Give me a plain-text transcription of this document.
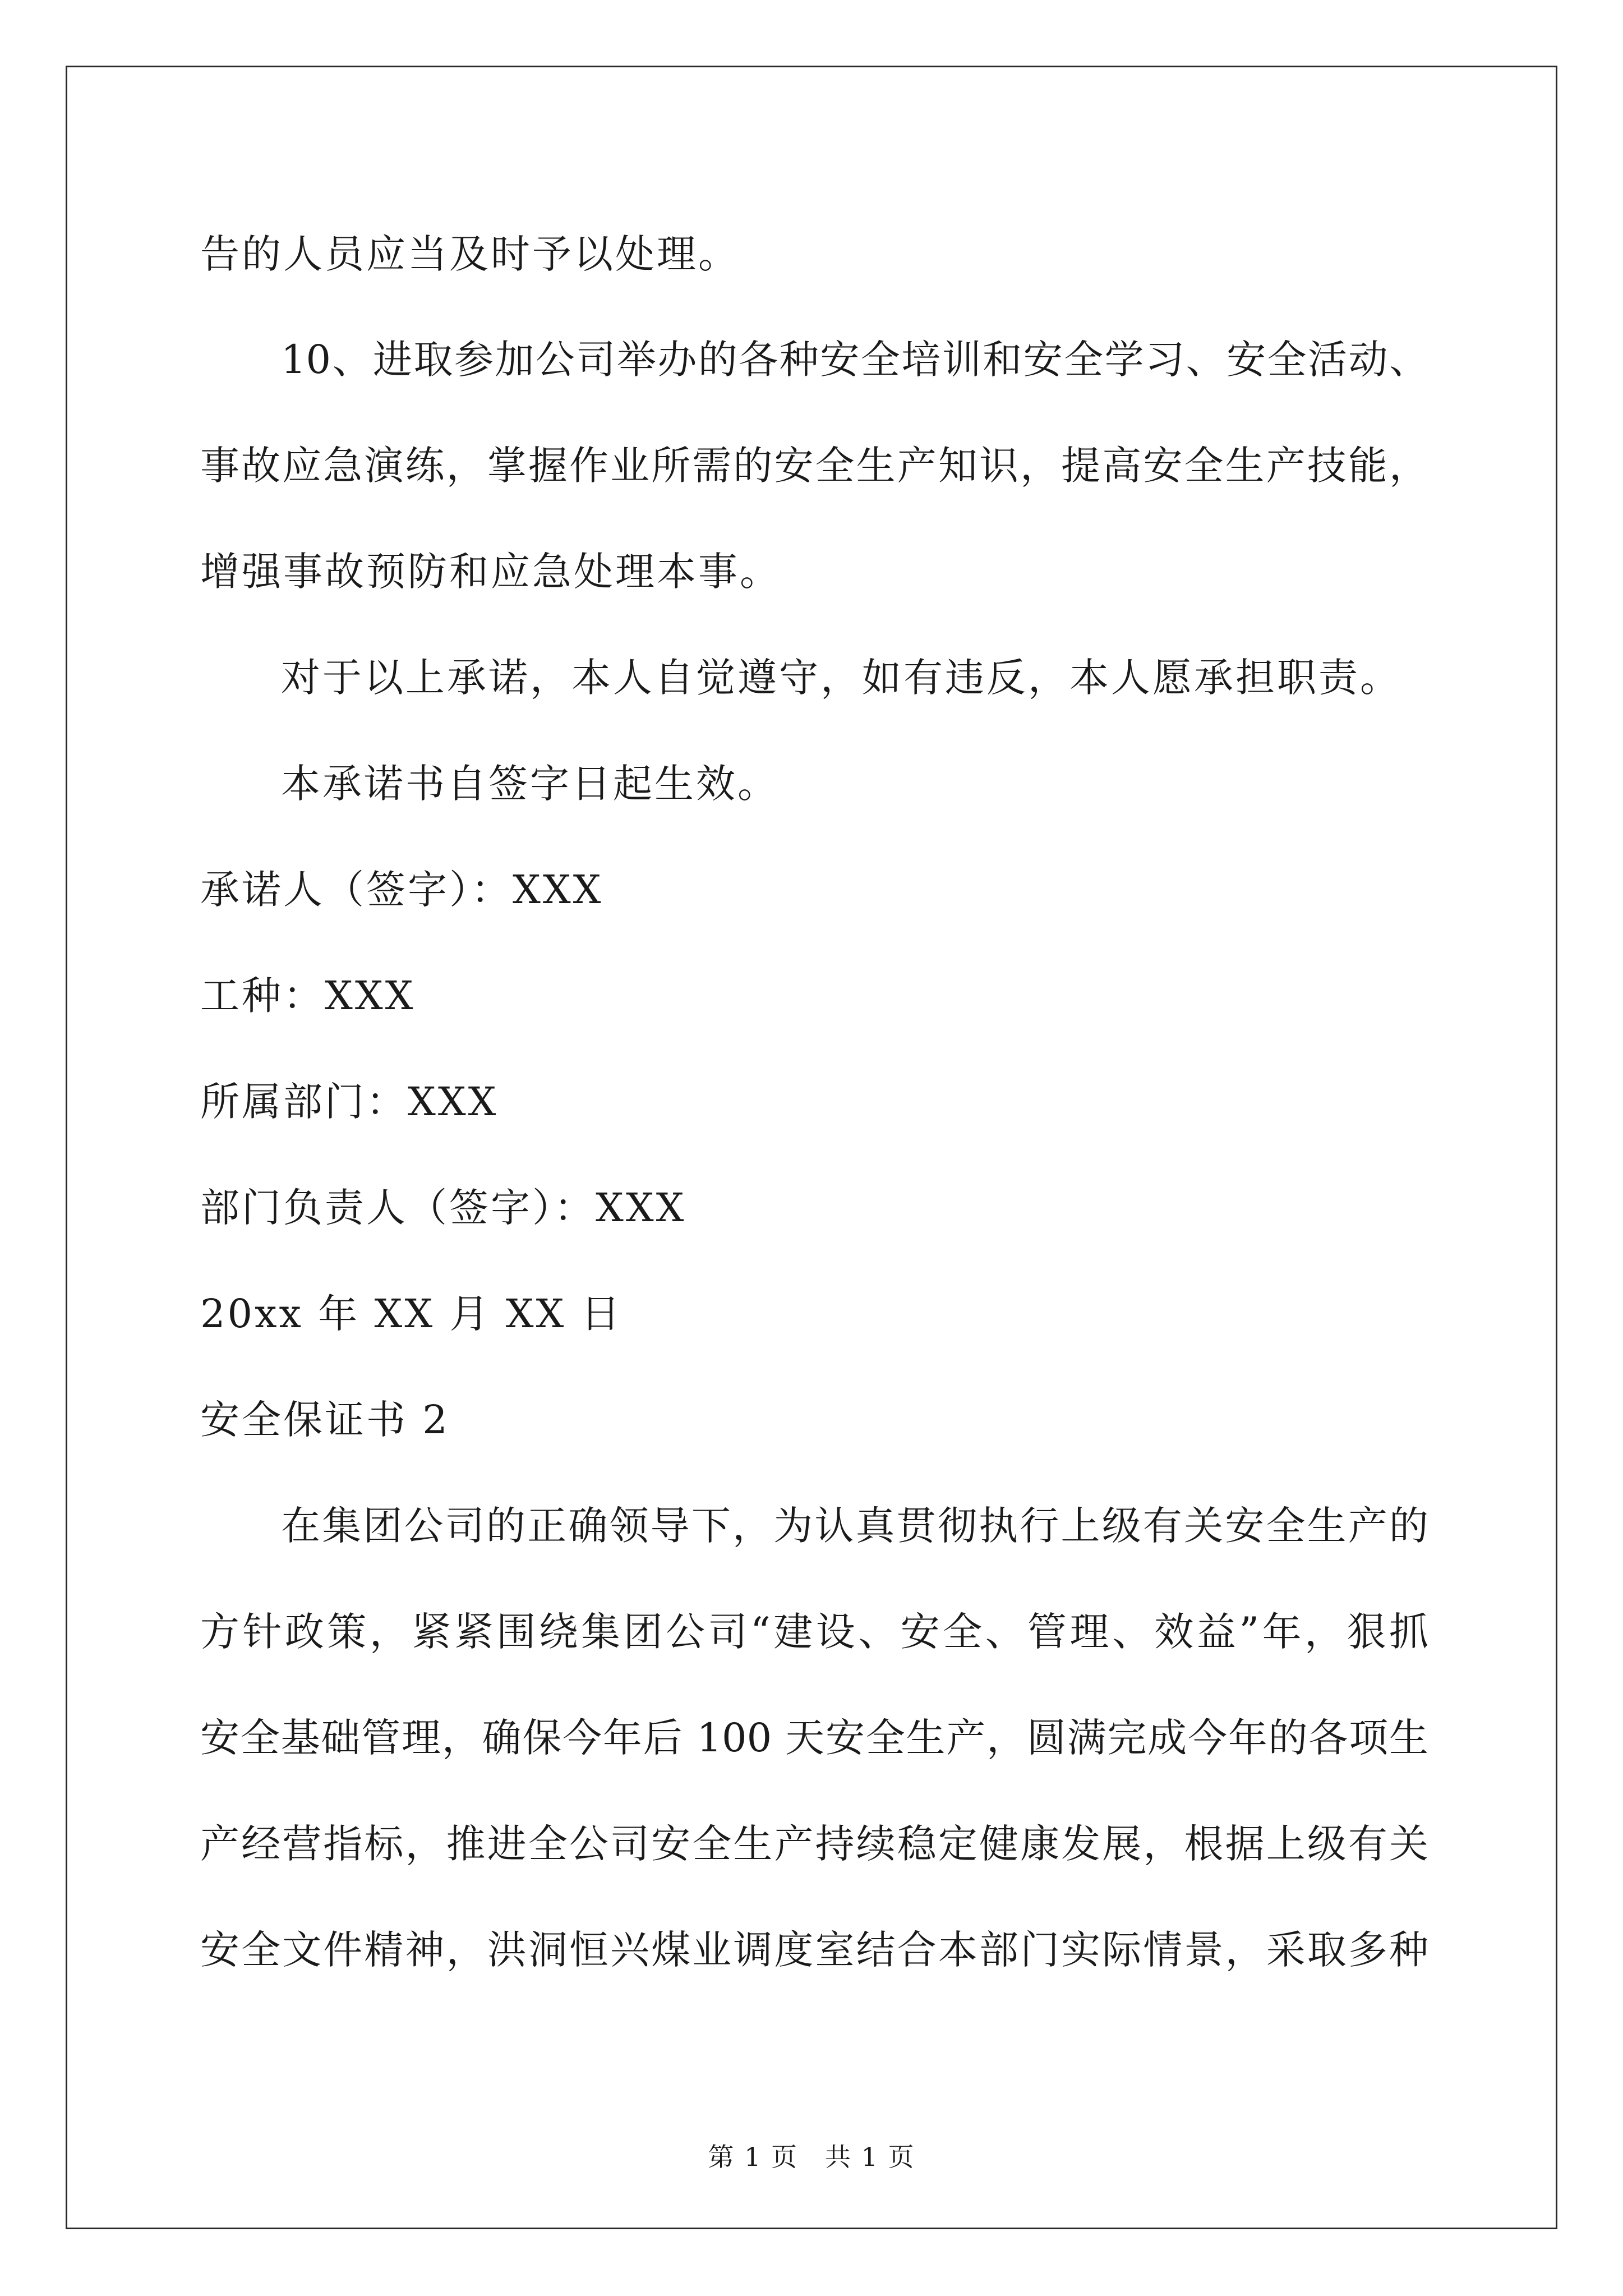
告的人员应当及时予以处理。
10、进取参加公司举办的各种安全培训和安全学习、安全活动、
事故应急演练，掌握作业所需的安全生产知识，提高安全生产技能，
增强事故预防和应急处理本事。
对于以上承诺，本人自觉遵守，如有违反，本人愿承担职责。
本承诺书自签字日起生效。
承诺人（签字）：XXX
工种：XXX
所属部门：XXX
部门负责人（签字）：XXX
20xx 年 XX 月 XX 日
安全保证书 2
在集团公司的正确领导下，为认真贯彻执行上级有关安全生产的
方针政策，紧紧围绕集团公司“建设、安全、管理、效益”年，狠抓
安全基础管理，确保今年后 100 天安全生产，圆满完成今年的各项生
产经营指标，推进全公司安全生产持续稳定健康发展，根据上级有关
安全文件精神，洪洞恒兴煤业调度室结合本部门实际情景，采取多种
第 1 页　共 1 页
